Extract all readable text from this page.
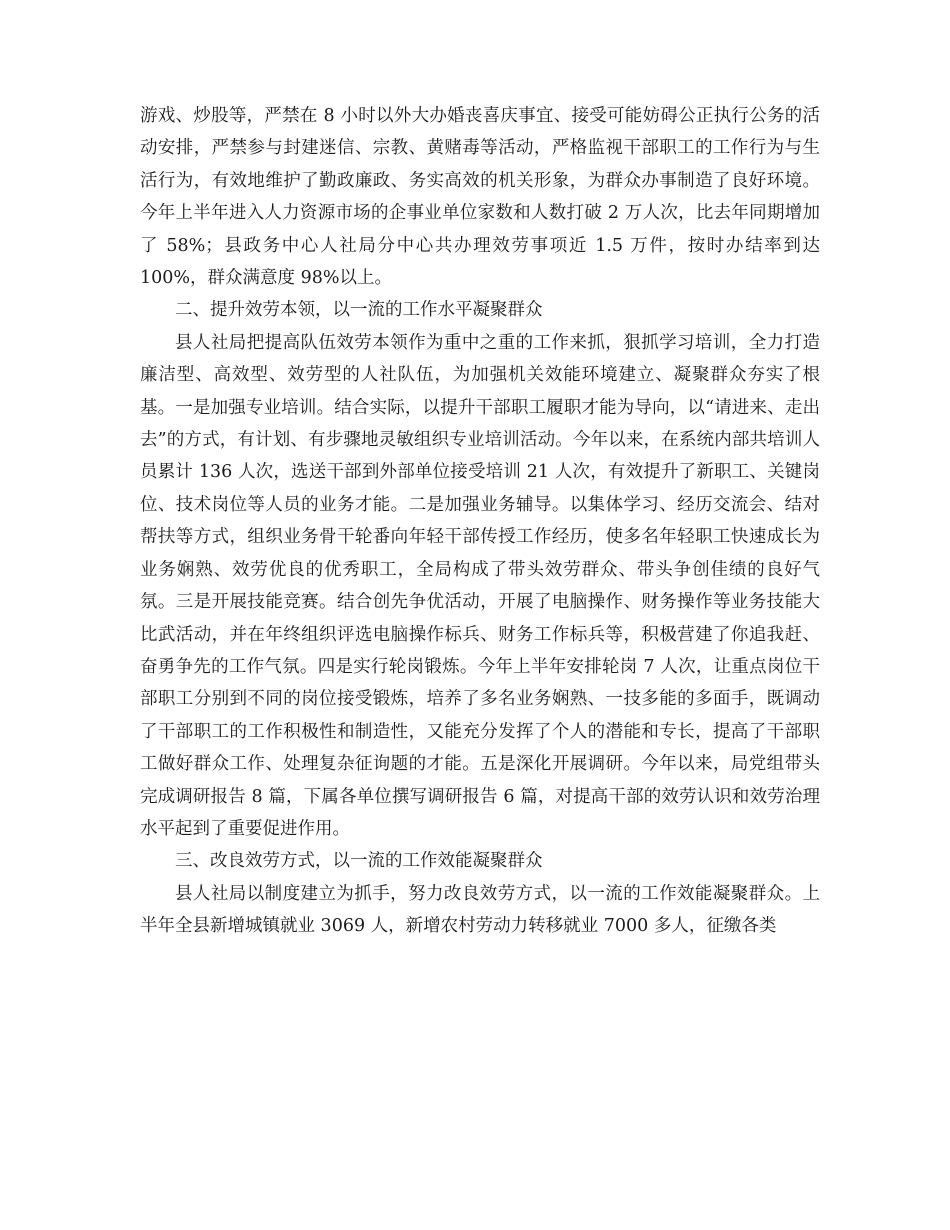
游戏、炒股等，严禁在 8 小时以外大办婚丧喜庆事宜、接受可能妨碍公正执行公务的活动安排，严禁参与封建迷信、宗教、黄赌毒等活动，严格监视干部职工的工作行为与生活行为，有效地维护了勤政廉政、务实高效的机关形象，为群众办事制造了良好环境。今年上半年进入人力资源市场的企事业单位家数和人数打破 2 万人次，比去年同期增加了 58%；县政务中心人社局分中心共办理效劳事项近 1.5 万件，按时办结率到达 100%，群众满意度 98%以上。

二、提升效劳本领，以一流的工作水平凝聚群众

县人社局把提高队伍效劳本领作为重中之重的工作来抓，狠抓学习培训，全力打造廉洁型、高效型、效劳型的人社队伍，为加强机关效能环境建立、凝聚群众夯实了根基。一是加强专业培训。结合实际，以提升干部职工履职才能为导向，以“请进来、走出去”的方式，有计划、有步骤地灵敏组织专业培训活动。今年以来，在系统内部共培训人员累计 136 人次，选送干部到外部单位接受培训 21 人次，有效提升了新职工、关键岗位、技术岗位等人员的业务才能。二是加强业务辅导。以集体学习、经历交流会、结对帮扶等方式，组织业务骨干轮番向年轻干部传授工作经历，使多名年轻职工快速成长为业务娴熟、效劳优良的优秀职工，全局构成了带头效劳群众、带头争创佳绩的良好气氛。三是开展技能竞赛。结合创先争优活动，开展了电脑操作、财务操作等业务技能大比武活动，并在年终组织评选电脑操作标兵、财务工作标兵等，积极营建了你追我赶、奋勇争先的工作气氛。四是实行轮岗锻炼。今年上半年安排轮岗 7 人次，让重点岗位干部职工分别到不同的岗位接受锻炼，培养了多名业务娴熟、一技多能的多面手，既调动了干部职工的工作积极性和制造性，又能充分发挥了个人的潜能和专长，提高了干部职工做好群众工作、处理复杂征询题的才能。五是深化开展调研。今年以来，局党组带头完成调研报告 8 篇，下属各单位撰写调研报告 6 篇，对提高干部的效劳认识和效劳治理水平起到了重要促进作用。

三、改良效劳方式，以一流的工作效能凝聚群众

县人社局以制度建立为抓手，努力改良效劳方式，以一流的工作效能凝聚群众。上半年全县新增城镇就业 3069 人，新增农村劳动力转移就业 7000 多人，征缴各类
